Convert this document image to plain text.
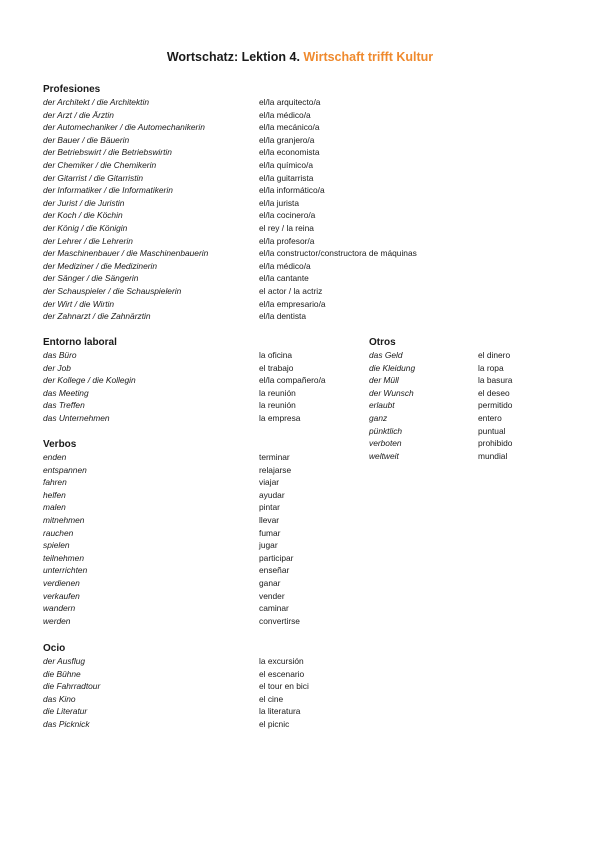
Wortschatz: Lektion 4. Wirtschaft trifft Kultur
Profesiones
der Architekt / die Architektin	el/la arquitecto/a
der Arzt / die Ärztin	el/la médico/a
der Automechaniker / die Automechanikerin	el/la mecánico/a
der Bauer / die Bäuerin	el/la granjero/a
der Betriebswirt / die Betriebswirtin	el/la economista
der Chemiker / die Chemikerin	el/la químico/a
der Gitarrist / die Gitarristin	el/la guitarrista
der Informatiker / die Informatikerin	el/la informático/a
der Jurist / die Juristin	el/la jurista
der Koch / die Köchin	el/la cocinero/a
der König / die Königin	el rey / la reina
der Lehrer / die Lehrerin	el/la profesor/a
der Maschinenbauer / die Maschinenbauerin	el/la constructor/constructora de máquinas
der Mediziner / die Medizinerin	el/la médico/a
der Sänger / die Sängerin	el/la cantante
der Schauspieler / die Schauspielerin	el actor / la actriz
der Wirt / die Wirtin	el/la empresario/a
der Zahnarzt / die Zahnärztin	el/la dentista
Entorno laboral
das Büro	la oficina
der Job	el trabajo
der Kollege / die Kollegin	el/la compañero/a
das Meeting	la reunión
das Treffen	la reunión
das Unternehmen	la empresa
Otros
das Geld	el dinero
die Kleidung	la ropa
der Müll	la basura
der Wunsch	el deseo
erlaubt	permitido
ganz	entero
pünktlich	puntual
verboten	prohibido
weltweit	mundial
Verbos
enden	terminar
entspannen	relajarse
fahren	viajar
helfen	ayudar
malen	pintar
mitnehmen	llevar
rauchen	fumar
spielen	jugar
teilnehmen	participar
unterrichten	enseñar
verdienen	ganar
verkaufen	vender
wandern	caminar
werden	convertirse
Ocio
der Ausflug	la excursión
die Bühne	el escenario
die Fahrradtour	el tour en bici
das Kino	el cine
die Literatur	la literatura
das Picknick	el picnic
